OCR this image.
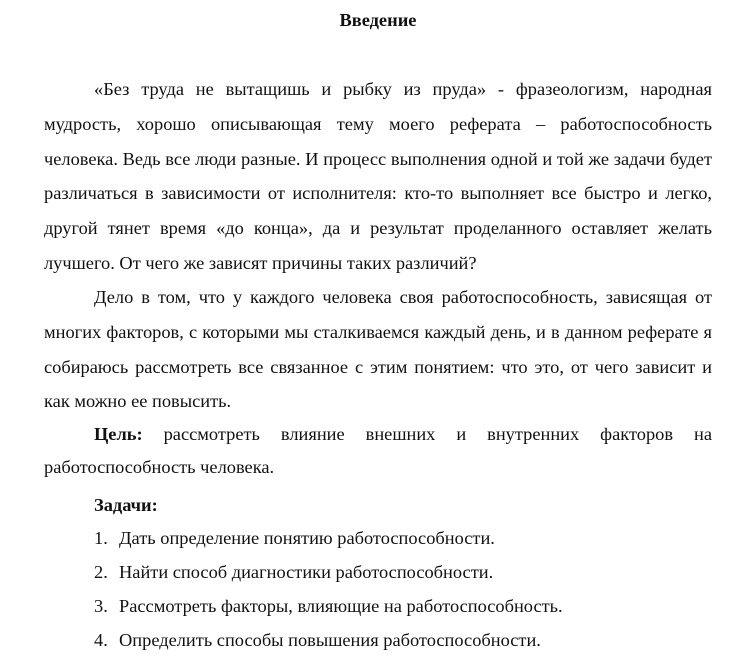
Введение

«Без труда не вытащишь и рыбку из пруда» - фразеологизм, народная мудрость, хорошо описывающая тему моего реферата – работоспособность человека. Ведь все люди разные. И процесс выполнения одной и той же задачи будет различаться в зависимости от исполнителя: кто-то выполняет все быстро и легко, другой тянет время «до конца», да и результат проделанного оставляет желать лучшего. От чего же зависят причины таких различий?

Дело в том, что у каждого человека своя работоспособность, зависящая от многих факторов, с которыми мы сталкиваемся каждый день, и в данном реферате я собираюсь рассмотреть все связанное с этим понятием: что это, от чего зависит и как можно ее повысить.

Цель: рассмотреть влияние внешних и внутренних факторов на работоспособность человека.

Задачи:
1. Дать определение понятию работоспособности.
2. Найти способ диагностики работоспособности.
3. Рассмотреть факторы, влияющие на работоспособность.
4. Определить способы повышения работоспособности.
